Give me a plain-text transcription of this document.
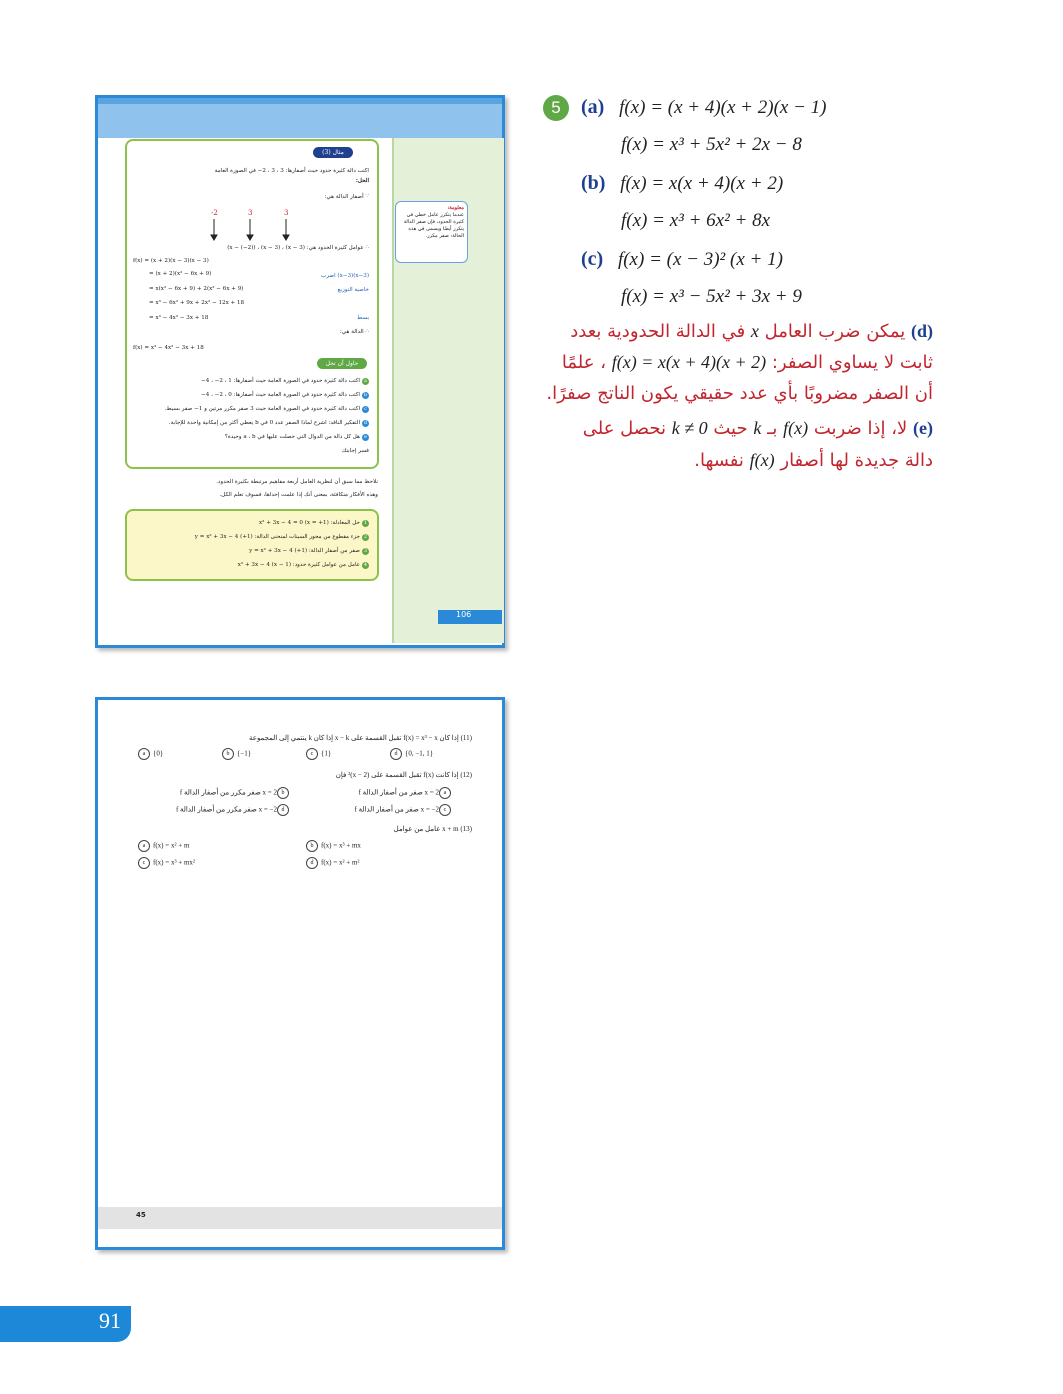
مثال (3)
اكتب دالة كثيرة حدود حيث أصفارها: 3 ، 3 ، 2− في الصورة العامة
الحل:
∵ أصفار الدالة هي:
-2	3	3
∴ عوامل كثيرة الحدود هي: (x − 3) ، (x − 3) ، (x − (−2))
f(x) = (x + 2)(x − 3)(x − 3)
= (x + 2)(x² − 6x + 9)
= x(x² − 6x + 9) + 2(x² − 6x + 9)
= x³ − 6x² + 9x + 2x² − 12x + 18
= x³ − 4x² − 3x + 18
(x−3)(x−3) اضرب
خاصية التوزيع
بسط
∴ الدالة هي:
f(x) = x³ − 4x² − 3x + 18
حاول أن تحل
aاكتب دالة كثيرة حدود في الصورة العامة حيث أصفارها: 1 ، 2− ، 4−
bاكتب دالة كثيرة حدود في الصورة العامة حيث أصفارها: 0 ، 2− ، 4−
cاكتب دالة كثيرة حدود في الصورة العامة حيث 3 صفر مكرر مرتين و 1− صفر بسيط.
dالتفكير الناقد: اشرح لماذا الصفر عدد 0 في b يعطي أكثر من إمكانية واحدة للإجابة.
eهل كل دالة من الدوال التي حصلت عليها في a ، b وحيدة؟
فسر إجابتك
معلومة:
عندما يتكرر عامل خطي في كثيرة الحدود، فإن صفر الدالة يتكرر أيضًا ويسمى في هذه الحالة: صفر مكرر.
نلاحظ مما سبق أن لنظرية العامل أربعة مفاهيم مرتبطة بكثيرة الحدود.
وهذه الأفكار متكافئة، بمعنى أنك إذا علمت إحداها، فسوف تعلم الكل.
1حل المعادلة: x² + 3x − 4 = 0 (x = +1)
2جزء مقطوع من محور السينات لمنحنى الدالة: y = x² + 3x − 4 (+1)
3صفر من أصفار الدالة: y = x² + 3x − 4 (+1)
4عامل من عوامل كثيرة حدود: x² + 3x − 4 (x − 1)
106
(11) إذا كان f(x) = x³ − x تقبل القسمة على x − k إذا كان k ينتمي إلى المجموعة
a {0}	b {−1}	c {1}	d {0, −1, 1}
(12) إذا كانت f(x) تقبل القسمة على (x − 2)² فإن
ax = 2 صفر من أصفار الدالة f
bx = 2 صفر مكرر من أصفار الدالة f
cx = −2 صفر من أصفار الدالة f
dx = −2 صفر مكرر من أصفار الدالة f
(13) x + m عامل من عوامل
a f(x) = x² + m	b f(x) = x³ + mx
c f(x) = x³ + mx²	d f(x) = x² + m²
45
5	(a) f(x) = (x + 4)(x + 2)(x − 1)
f(x) = x³ + 5x² + 2x − 8
(b) f(x) = x(x + 4)(x + 2)
f(x) = x³ + 6x² + 8x
(c) f(x) = (x − 3)² (x + 1)
f(x) = x³ − 5x² + 3x + 9
(d) يمكن ضرب العامل x في الدالة الحدودية بعدد
ثابت لا يساوي الصفر: f(x) = x(x + 4)(x + 2) ، علمًا
أن الصفر مضروبًا بأي عدد حقيقي يكون الناتج صفرًا.
(e) لا، إذا ضربت f(x) بـ k حيث k ≠ 0 نحصل على
دالة جديدة لها أصفار f(x) نفسها.
91
